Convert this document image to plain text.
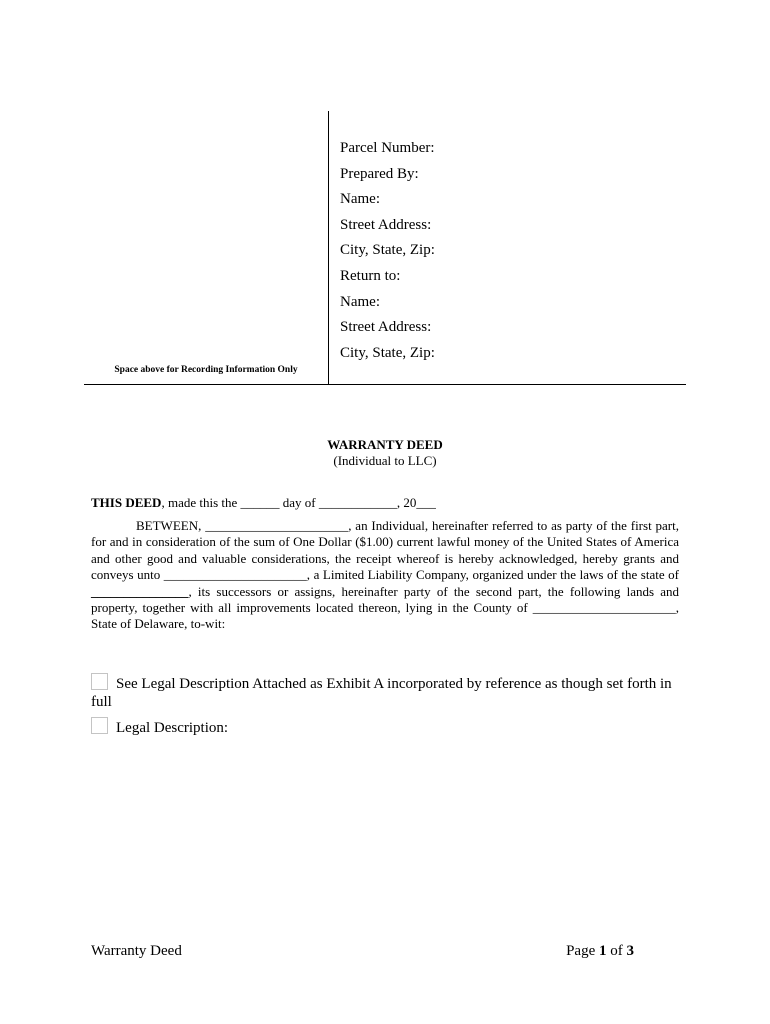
Parcel Number:
Prepared By:
Name:
Street Address:
City, State, Zip:
Return to:
Name:
Street Address:
City, State, Zip:
Space above for Recording Information Only
WARRANTY DEED
(Individual to LLC)
THIS DEED, made this the ______ day of ____________, 20___
BETWEEN, ______________________, an Individual, hereinafter referred to as party of the first part, for and in consideration of the sum of One Dollar ($1.00) current lawful money of the United States of America and other good and valuable considerations, the receipt whereof is hereby acknowledged, hereby grants and conveys unto ______________________, a Limited Liability Company, organized under the laws of the state of _______________, its successors or assigns, hereinafter party of the second part, the following lands and property, together with all improvements located thereon, lying in the County of ______________________, State of Delaware, to-wit:
See Legal Description Attached as Exhibit A incorporated by reference as though set forth in full
Legal Description:
Warranty Deed	Page 1 of 3
